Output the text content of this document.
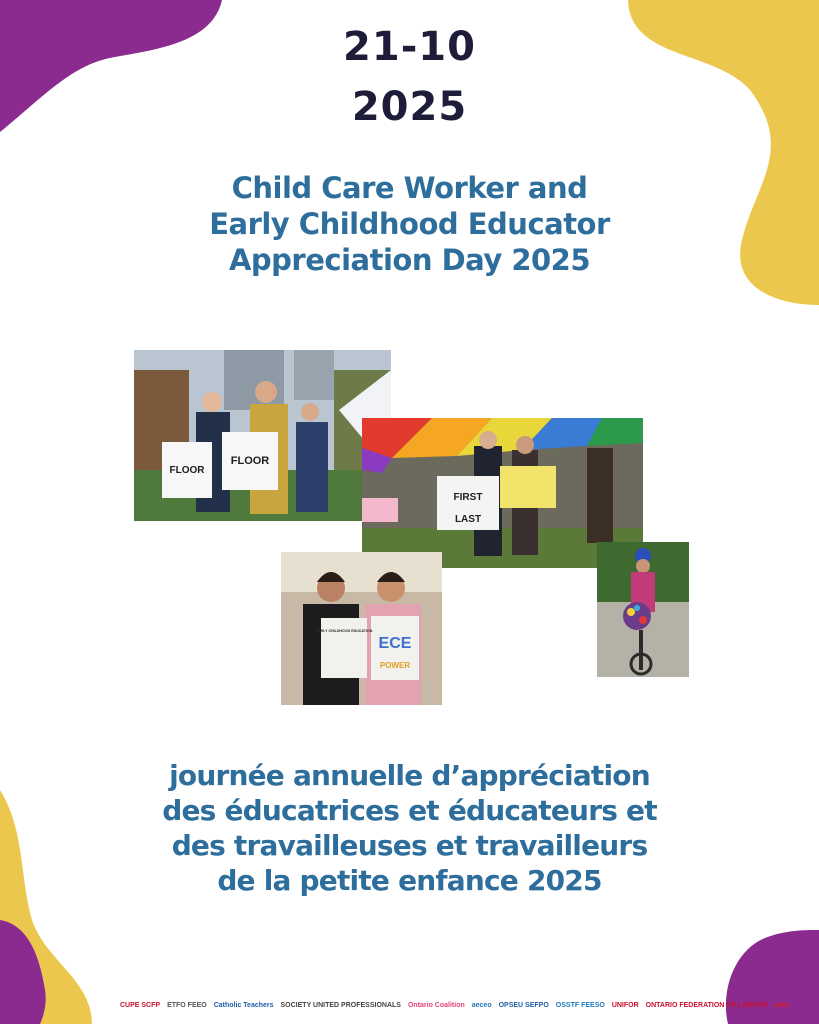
21-10
2025
Child Care Worker and
Early Childhood Educator
Appreciation Day 2025
FLOOR
FLOOR
FIRST
LAST
EARLY CHILDHOOD EDUCATION
ECE
POWER
journée annuelle d’appréciation
des éducatrices et éducateurs et
des travailleuses et travailleurs
de la petite enfance 2025
CUPE SCFP ETFO FEEO Catholic Teachers SOCIETY UNITED PROFESSIONALS Ontario Coalition aeceo OPSEU SEFPO OSSTF FEESO UNIFOR ONTARIO FEDERATION OF LABOUR aefo
